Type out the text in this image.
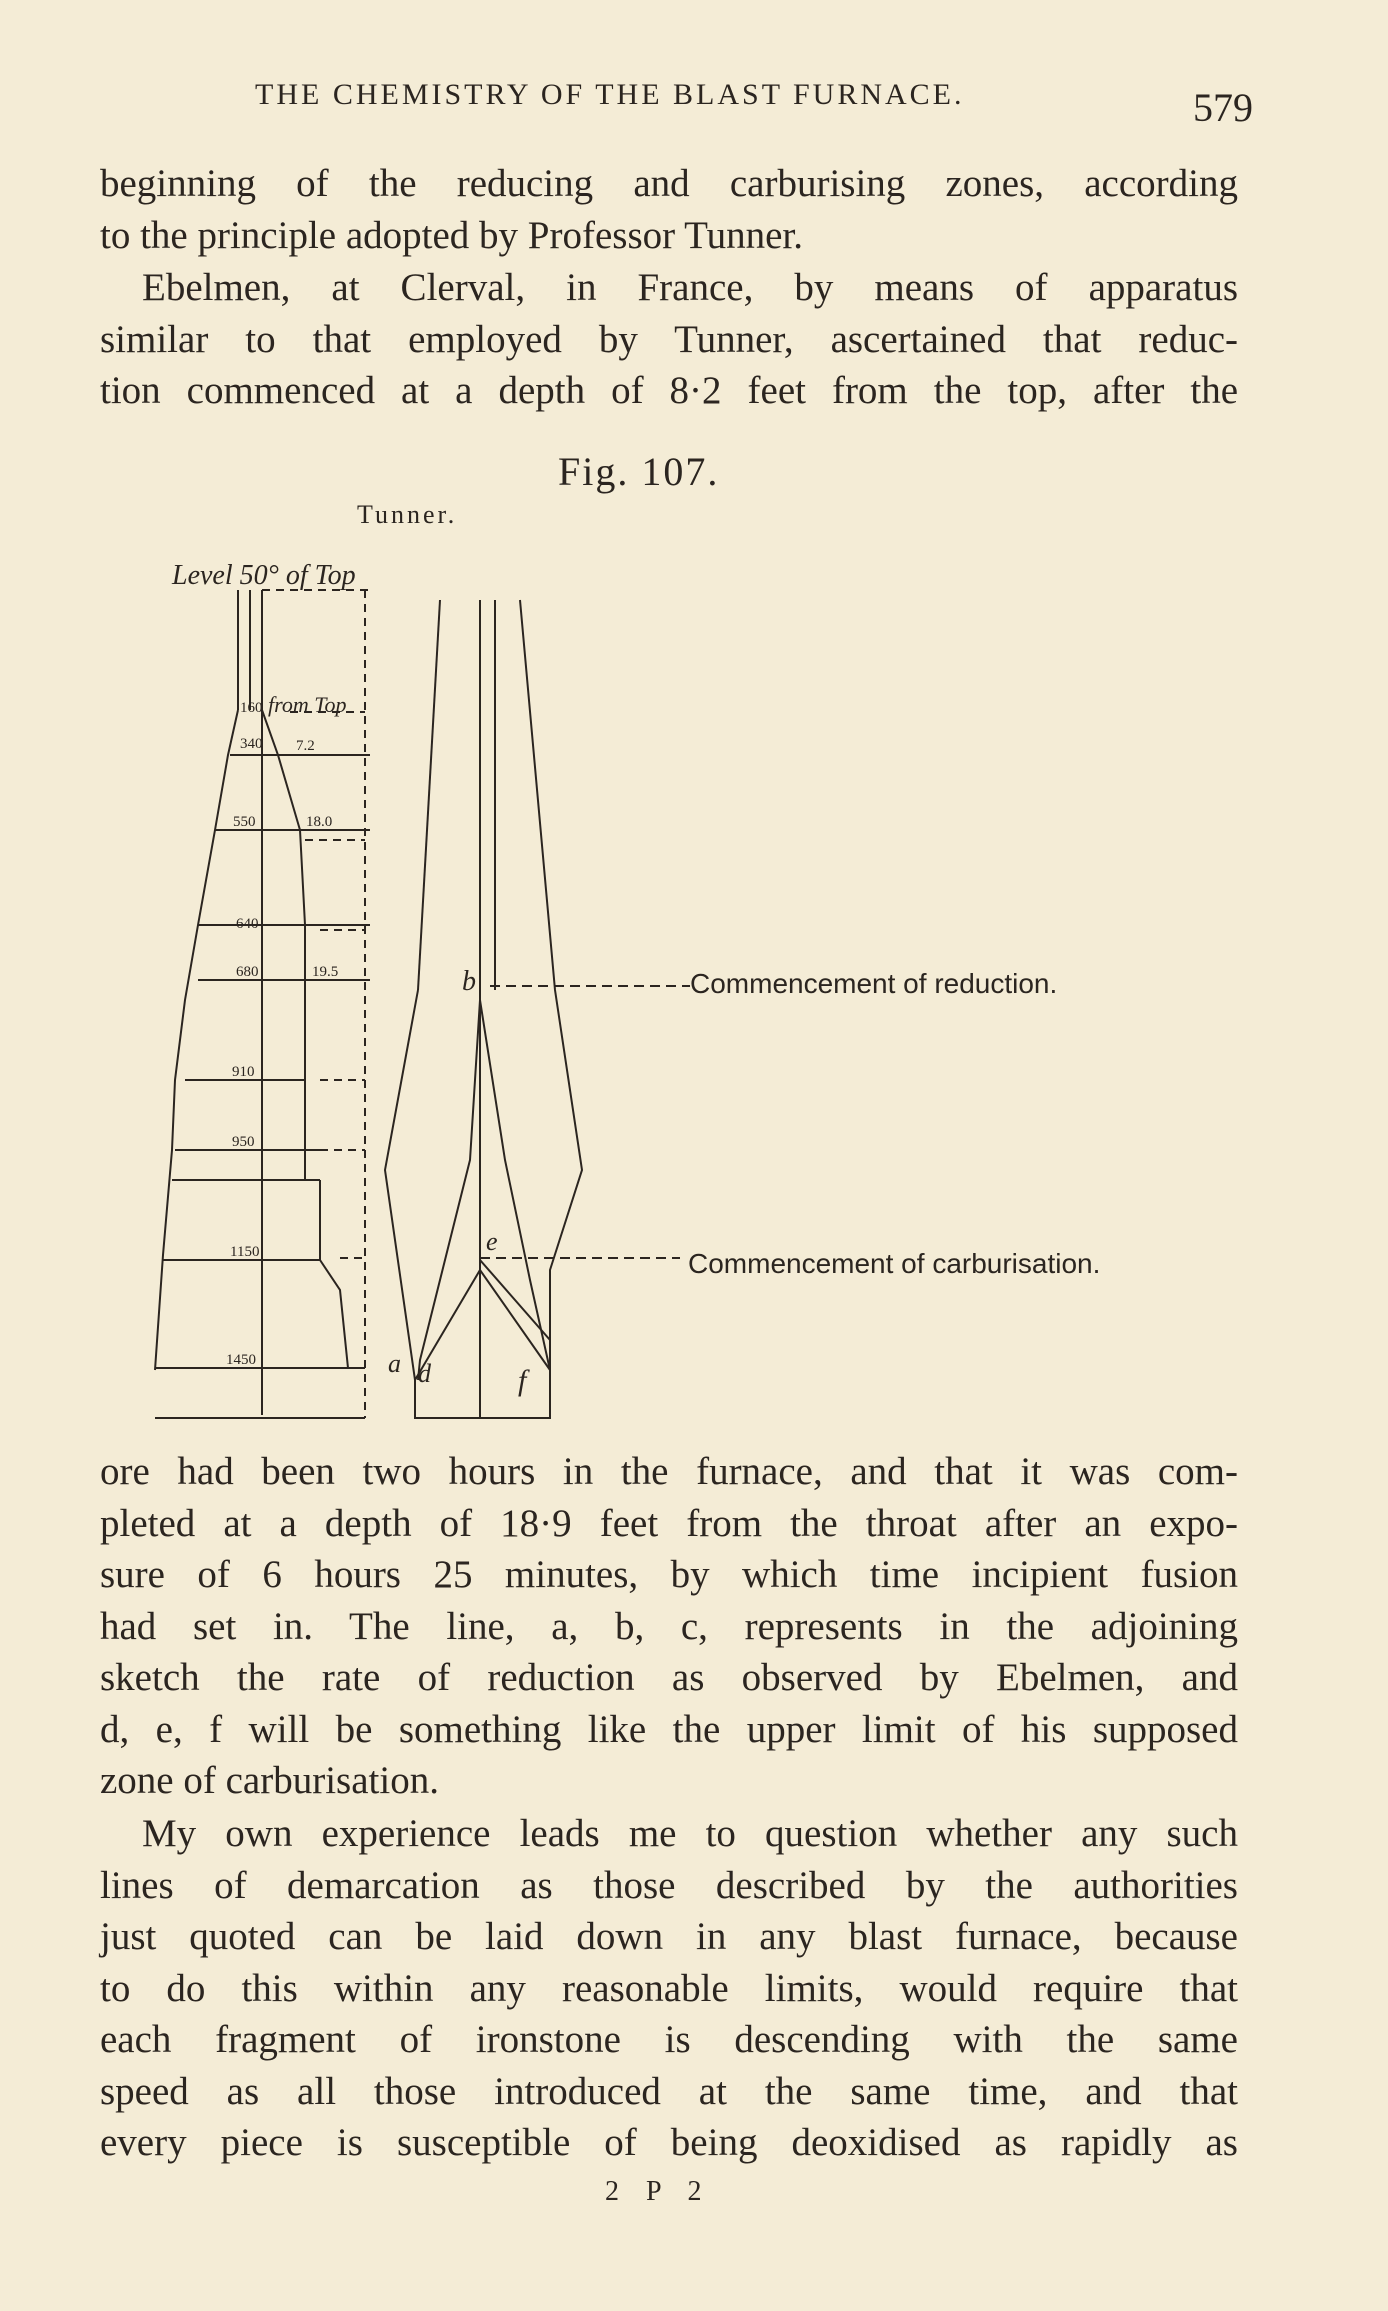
THE CHEMISTRY OF THE BLAST FURNACE.	579
beginning of the reducing and carburising zones, according
to the principle adopted by Professor Tunner.
Ebelmen, at Clerval, in France, by means of apparatus
similar to that employed by Tunner, ascertained that reduc-
tion commenced at a depth of 8·2 feet from the top, after the
Fig. 107.
Tunner.
Level 50° of Top
from Top
160
340
550
640
680
910
950
1150
1450
7.2
18.0
19.5
a
b
d
e
f
Commencement of reduction.
Commencement of carburisation.
ore had been two hours in the furnace, and that it was com-
pleted at a depth of 18·9 feet from the throat after an expo-
sure of 6 hours 25 minutes, by which time incipient fusion
had set in. The line, a, b, c, represents in the adjoining
sketch the rate of reduction as observed by Ebelmen, and
d, e, f will be something like the upper limit of his supposed
zone of carburisation.
My own experience leads me to question whether any such
lines of demarcation as those described by the authorities
just quoted can be laid down in any blast furnace, because
to do this within any reasonable limits, would require that
each fragment of ironstone is descending with the same
speed as all those introduced at the same time, and that
every piece is susceptible of being deoxidised as rapidly as
2 P 2
